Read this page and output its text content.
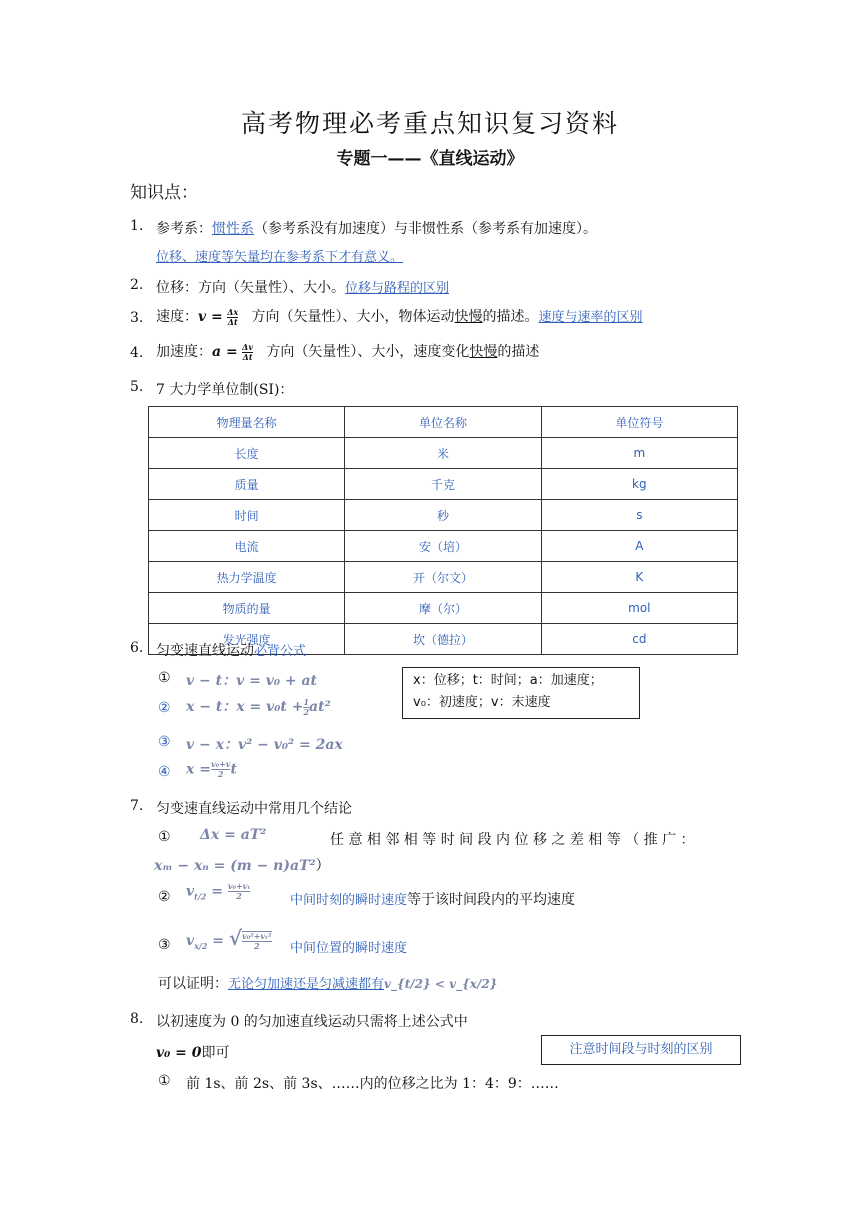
高考物理必考重点知识复习资料
专题一——《直线运动》
知识点：
1. 参考系：惯性系（参考系没有加速度）与非惯性系（参考系有加速度）。
位移、速度等矢量均在参考系下才有意义。
2. 位移：方向（矢量性）、大小。位移与路程的区别
3. 速度：$v = \frac{\Delta x}{\Delta t}$ 方向（矢量性）、大小，物体运动快慢的描述。速度与速率的区别
4. 加速度：$a = \frac{\Delta v}{\Delta t}$ 方向（矢量性）、大小，速度变化快慢的描述
5. 7 大力学单位制(SI)：
物理量名称	单位名称	单位符号
长度	米	m
质量	千克	kg
时间	秒	s
电流	安（培）	A
热力学温度	开（尔文）	K
物质的量	摩（尔）	mol
发光强度	坎（德拉）	cd
6. 匀变速直线运动必背公式
① v − t：v = v₀ + at
② x − t：$x = v_0t + \frac{1}{2} at^2$
③ v − x：v² − v₀² = 2ax
④ $x = \frac{\text{v₀+v}}{2}$ t
x：位移；t：时间；a：加速度；
v₀：初速度；v：末速度
7. 匀变速直线运动中常用几个结论
① Δx = aT²	任 意 相 邻 相 等 时 间 段 内 位 移 之 差 相 等 （ 推 广 ：
xₘ − xₙ = (m − n)aT²）
② $v_{t/2} = \frac{\text{v₀+vₜ}}{2}$	中间时刻的瞬时速度等于该时间段内的平均速度
③ $v_{x/2}$ = √ $\frac{\text{v₀²+vₜ²}}{2}$ 中间位置的瞬时速度
可以证明：无论匀加速还是匀减速都有v_{t/2} < v_{x/2}
8. 以初速度为 0 的匀加速直线运动只需将上述公式中
v₀ = 0即可	注意时间段与时刻的区别
① 前 1s、前 2s、前 3s、……内的位移之比为 1：4：9：……
